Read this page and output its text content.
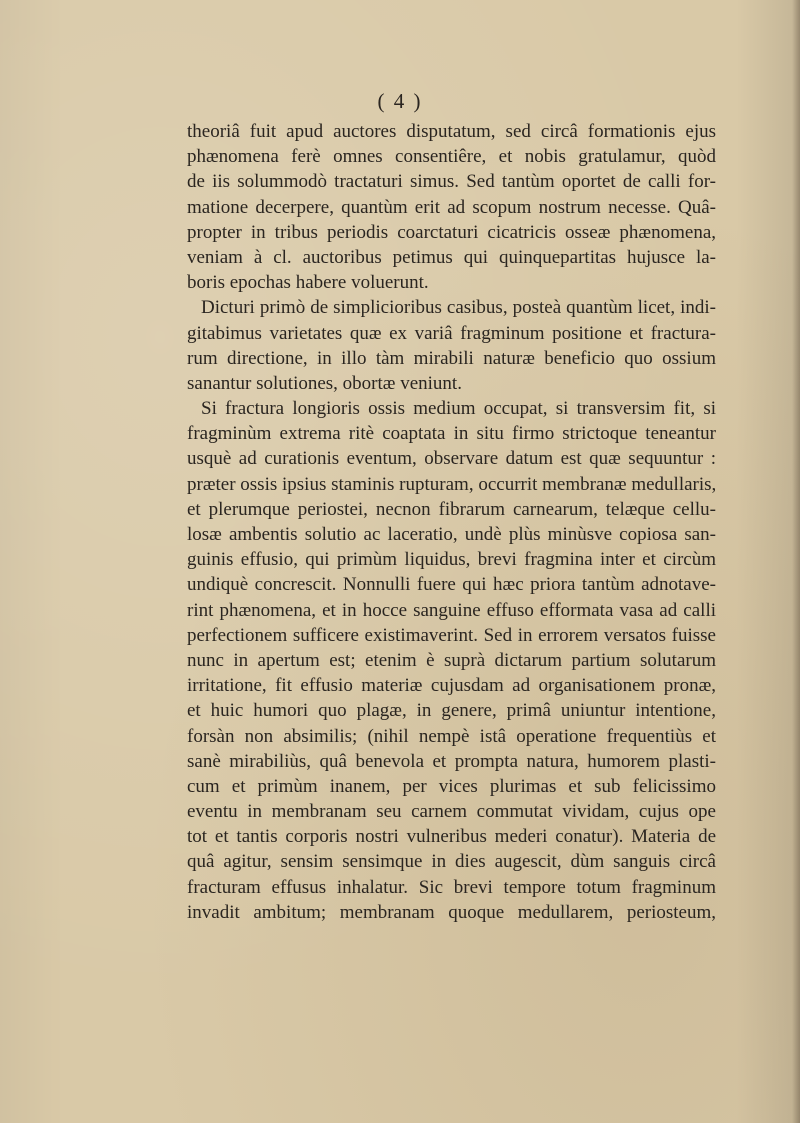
( 4 )
theoriâ fuit apud auctores disputatum, sed circâ formationis ejus
phænomena ferè omnes consentiêre, et nobis gratulamur, quòd
de iis solummodò tractaturi simus. Sed tantùm oportet de calli for-
matione decerpere, quantùm erit ad scopum nostrum necesse. Quâ-
propter in tribus periodis coarctaturi cicatricis osseæ phænomena,
veniam à cl. auctoribus petimus qui quinquepartitas hujusce la-
boris epochas habere voluerunt.
Dicturi primò de simplicioribus casibus, posteà quantùm licet, indi-
gitabimus varietates quæ ex variâ fragminum positione et fractura-
rum directione, in illo tàm mirabili naturæ beneficio quo ossium
sanantur solutiones, obortæ veniunt.
Si fractura longioris ossis medium occupat, si transversim fit, si
fragminùm extrema ritè coaptata in situ firmo strictoque teneantur
usquè ad curationis eventum, observare datum est quæ sequuntur :
præter ossis ipsius staminis rupturam, occurrit membranæ medullaris,
et plerumque periostei, necnon fibrarum carnearum, telæque cellu-
losæ ambentis solutio ac laceratio, undè plùs minùsve copiosa san-
guinis effusio, qui primùm liquidus, brevi fragmina inter et circùm
undiquè concrescit. Nonnulli fuere qui hæc priora tantùm adnotave-
rint phænomena, et in hocce sanguine effuso efformata vasa ad calli
perfectionem sufficere existimaverint. Sed in errorem versatos fuisse
nunc in apertum est; etenim è suprà dictarum partium solutarum
irritatione, fit effusio materiæ cujusdam ad organisationem pronæ,
et huic humori quo plagæ, in genere, primâ uniuntur intentione,
forsàn non absimilis; (nihil nempè istâ operatione frequentiùs et
sanè mirabiliùs, quâ benevola et prompta natura, humorem plasti-
cum et primùm inanem, per vices plurimas et sub felicissimo
eventu in membranam seu carnem commutat vividam, cujus ope
tot et tantis corporis nostri vulneribus mederi conatur). Materia de
quâ agitur, sensim sensimque in dies augescit, dùm sanguis circâ
fracturam effusus inhalatur. Sic brevi tempore totum fragminum
invadit ambitum; membranam quoque medullarem, periosteum,
